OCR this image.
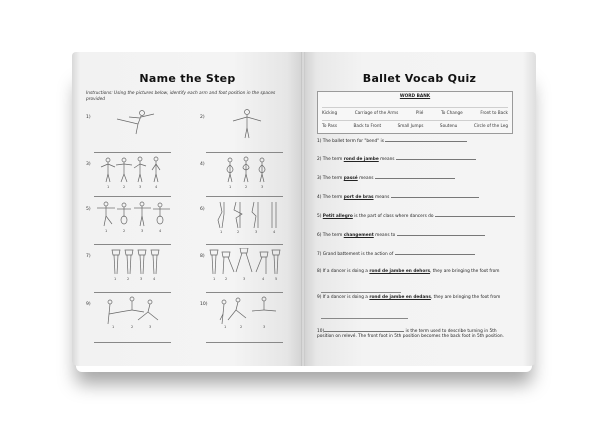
Name the Step
Instructions: Using the pictures below, identify each arm and foot position in the spaces provided
1)	2)
3)
1	2	3	4
4)
1	2	3
5)
1	2	3	4
6)
1	2	3	4
7)
1	2	3	4
8)
1	2	3	4	5
9)
1	2	3
10)
1	2	3
Ballet Vocab Quiz
WORD BANK
Kicking	Carriage of the Arms	Plié	To Change	Front to Back
To Pass	Back to Front	Small Jumps	Soutenu	Circle of the Leg
1) The ballet term for "bend" is
2) The term rond de jambe means
3) The term passé means
4) The term port de bras means
5) Petit allegro is the part of class where dancers do
6) The term changement means to
7) Grand battement is the action of
8) If a dancer is doing a rond de jambe en dehors, they are bringing the foot from
9) If a dancer is doing a rond de jambe en dedans, they are bringing the foot from
10)	is the term used to describe turning in 5th
position on relevé. The front foot in 5th position becomes the back foot in 5th position.
